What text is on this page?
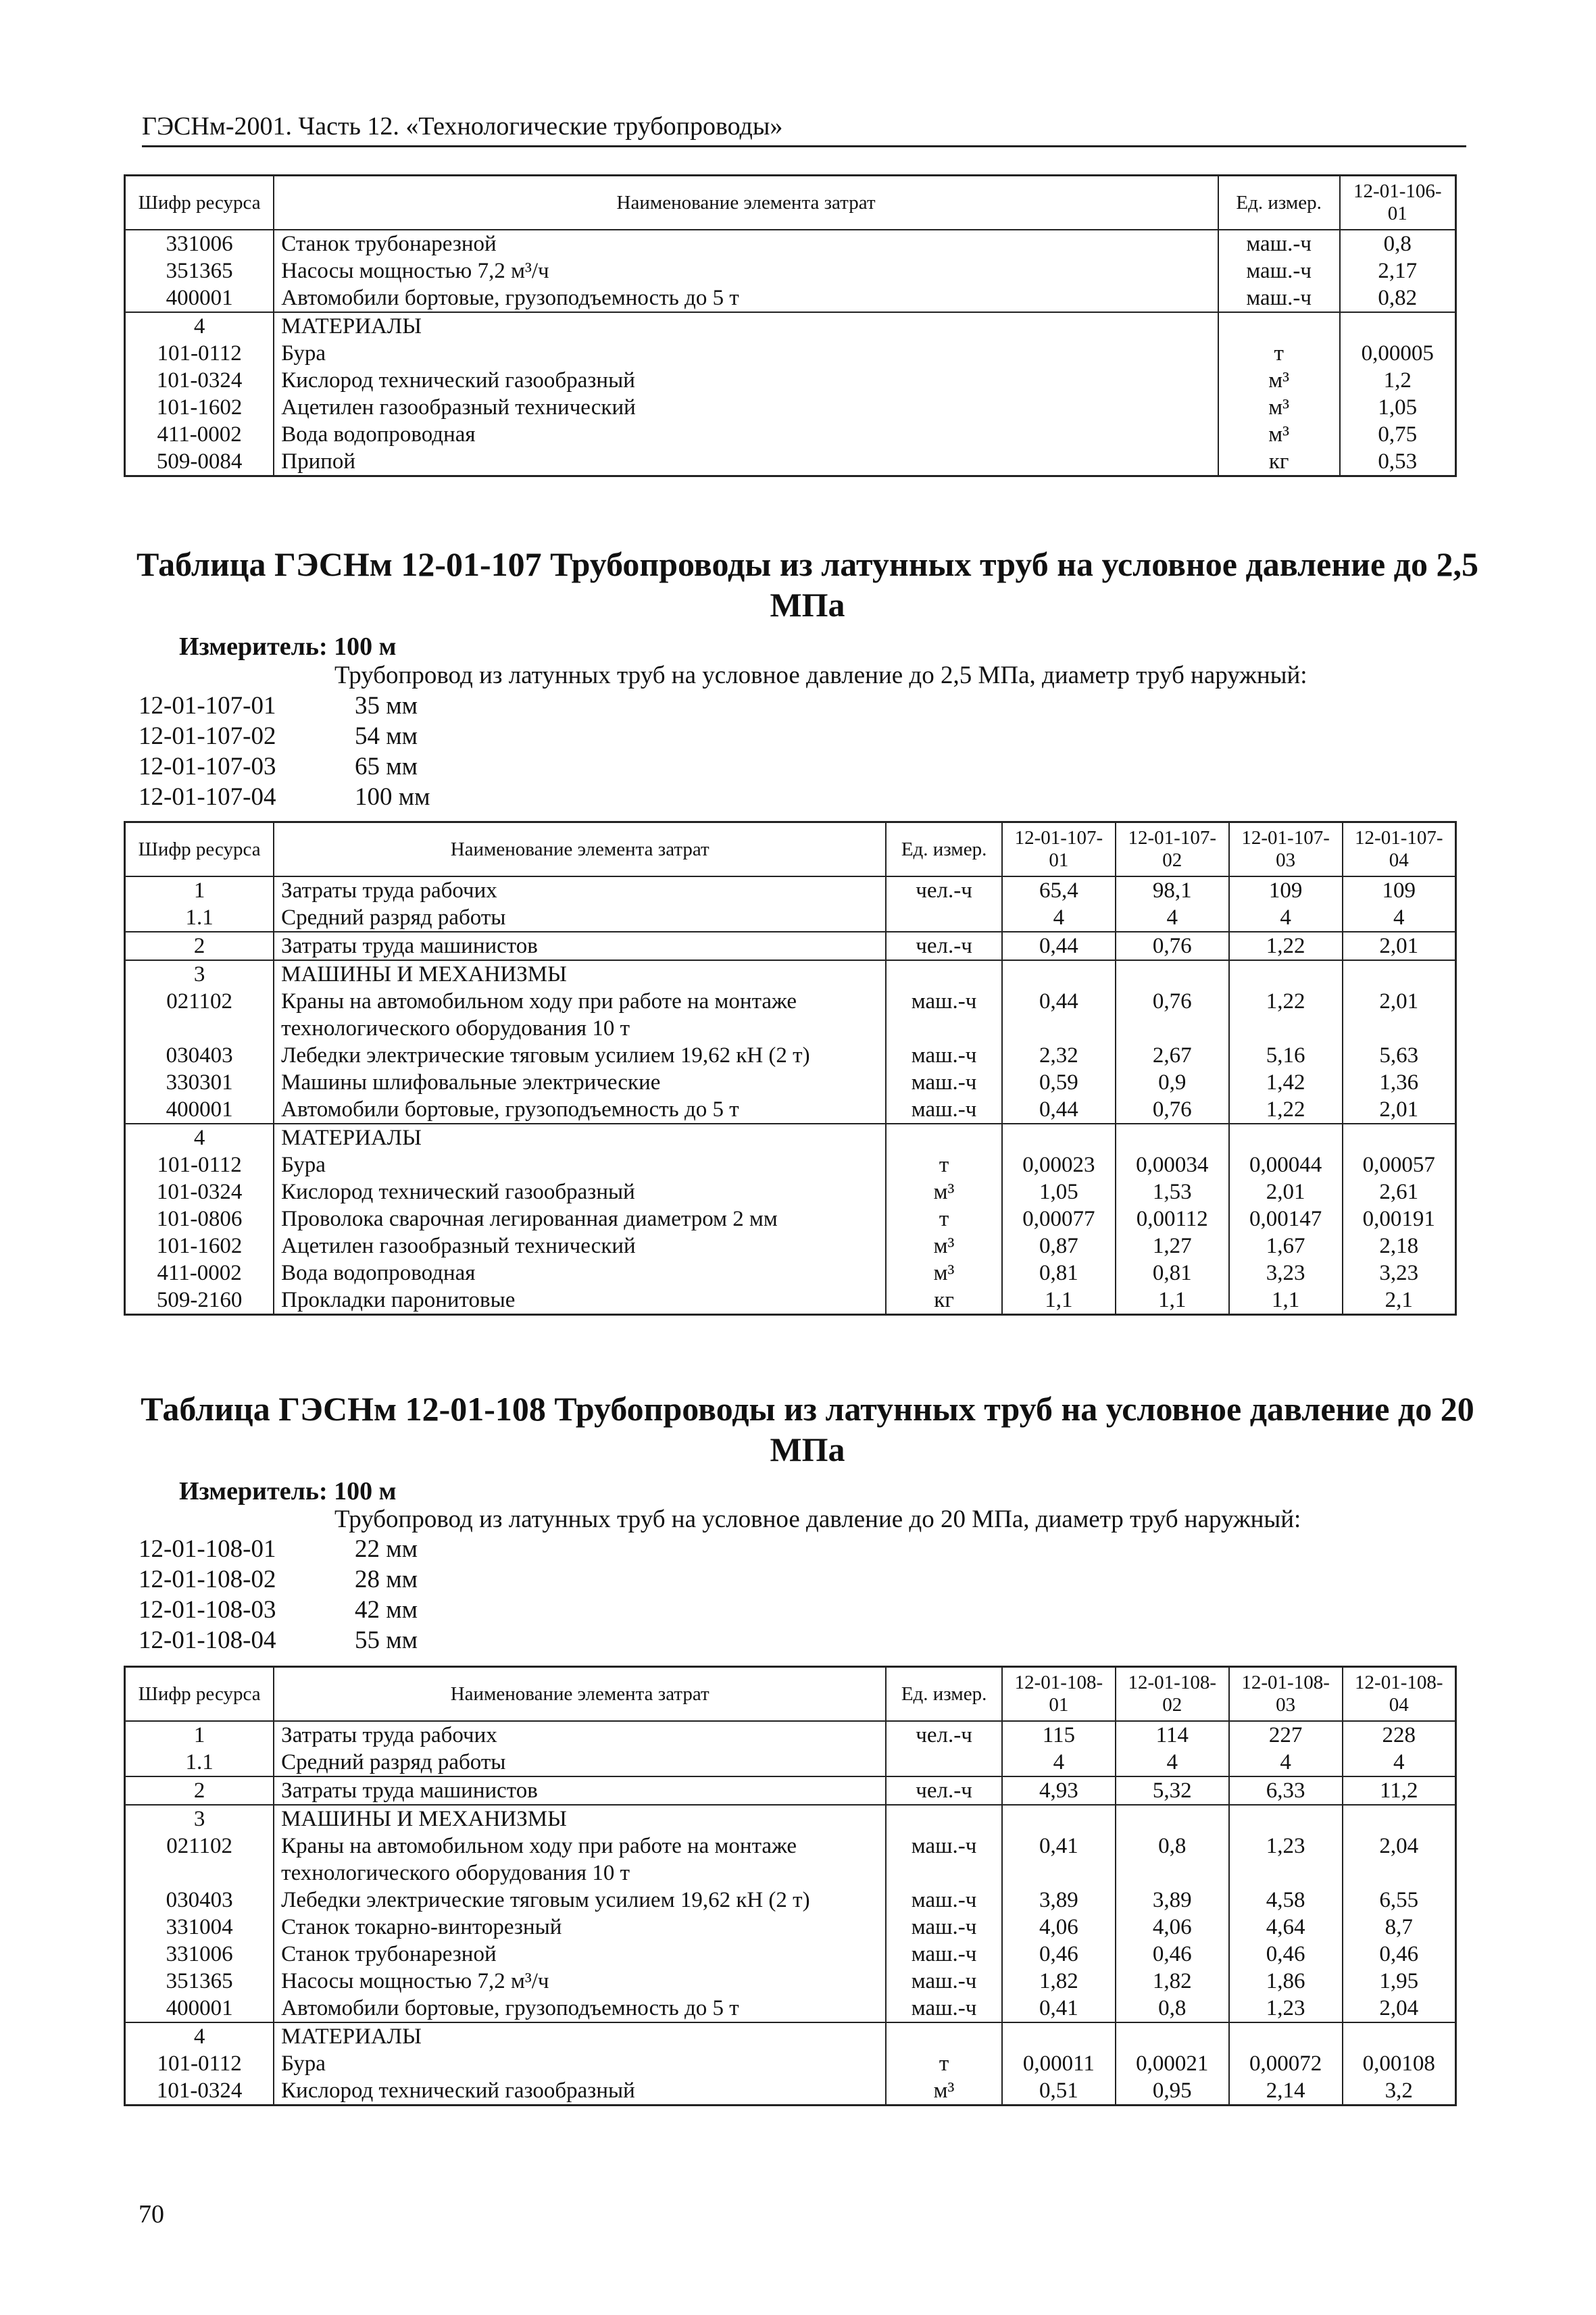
ГЭСНм-2001. Часть 12. «Технологические трубопроводы»
Шифр ресурса	Наименование элемента затрат	Ед. измер.	12-01-106-01
331006	Станок трубонарезной	маш.-ч	0,8
351365	Насосы мощностью 7,2 м³/ч	маш.-ч	2,17
400001	Автомобили бортовые, грузоподъемность до 5 т	маш.-ч	0,82
4	МАТЕРИАЛЫ		
101-0112	Бура	т	0,00005
101-0324	Кислород технический газообразный	м³	1,2
101-1602	Ацетилен газообразный технический	м³	1,05
411-0002	Вода водопроводная	м³	0,75
509-0084	Припой	кг	0,53
Таблица ГЭСНм 12-01-107 Трубопроводы из латунных труб на условное давление до 2,5
МПа
Измеритель: 100 м
Трубопровод из латунных труб на условное давление до 2,5 МПа, диаметр труб наружный:
12-01-107-01	35 мм
12-01-107-02	54 мм
12-01-107-03	65 мм
12-01-107-04	100 мм
Шифр ресурса	Наименование элемента затрат	Ед. измер.	12-01-107-01	12-01-107-02	12-01-107-03	12-01-107-04
1	Затраты труда рабочих	чел.-ч	65,4	98,1	109	109
1.1	Средний разряд работы		4	4	4	4
2	Затраты труда машинистов	чел.-ч	0,44	0,76	1,22	2,01
3	МАШИНЫ И МЕХАНИЗМЫ					
021102	Краны на автомобильном ходу при работе на монтаже технологического оборудования 10 т	маш.-ч	0,44	0,76	1,22	2,01
030403	Лебедки электрические тяговым усилием 19,62 кН (2 т)	маш.-ч	2,32	2,67	5,16	5,63
330301	Машины шлифовальные электрические	маш.-ч	0,59	0,9	1,42	1,36
400001	Автомобили бортовые, грузоподъемность до 5 т	маш.-ч	0,44	0,76	1,22	2,01
4	МАТЕРИАЛЫ					
101-0112	Бура	т	0,00023	0,00034	0,00044	0,00057
101-0324	Кислород технический газообразный	м³	1,05	1,53	2,01	2,61
101-0806	Проволока сварочная легированная диаметром 2 мм	т	0,00077	0,00112	0,00147	0,00191
101-1602	Ацетилен газообразный технический	м³	0,87	1,27	1,67	2,18
411-0002	Вода водопроводная	м³	0,81	0,81	3,23	3,23
509-2160	Прокладки паронитовые	кг	1,1	1,1	1,1	2,1
Таблица ГЭСНм 12-01-108 Трубопроводы из латунных труб на условное давление до 20
МПа
Измеритель: 100 м
Трубопровод из латунных труб на условное давление до 20 МПа, диаметр труб наружный:
12-01-108-01	22 мм
12-01-108-02	28 мм
12-01-108-03	42 мм
12-01-108-04	55 мм
Шифр ресурса	Наименование элемента затрат	Ед. измер.	12-01-108-01	12-01-108-02	12-01-108-03	12-01-108-04
1	Затраты труда рабочих	чел.-ч	115	114	227	228
1.1	Средний разряд работы		4	4	4	4
2	Затраты труда машинистов	чел.-ч	4,93	5,32	6,33	11,2
3	МАШИНЫ И МЕХАНИЗМЫ					
021102	Краны на автомобильном ходу при работе на монтаже технологического оборудования 10 т	маш.-ч	0,41	0,8	1,23	2,04
030403	Лебедки электрические тяговым усилием 19,62 кН (2 т)	маш.-ч	3,89	3,89	4,58	6,55
331004	Станок токарно-винторезный	маш.-ч	4,06	4,06	4,64	8,7
331006	Станок трубонарезной	маш.-ч	0,46	0,46	0,46	0,46
351365	Насосы мощностью 7,2 м³/ч	маш.-ч	1,82	1,82	1,86	1,95
400001	Автомобили бортовые, грузоподъемность до 5 т	маш.-ч	0,41	0,8	1,23	2,04
4	МАТЕРИАЛЫ					
101-0112	Бура	т	0,00011	0,00021	0,00072	0,00108
101-0324	Кислород технический газообразный	м³	0,51	0,95	2,14	3,2
70
